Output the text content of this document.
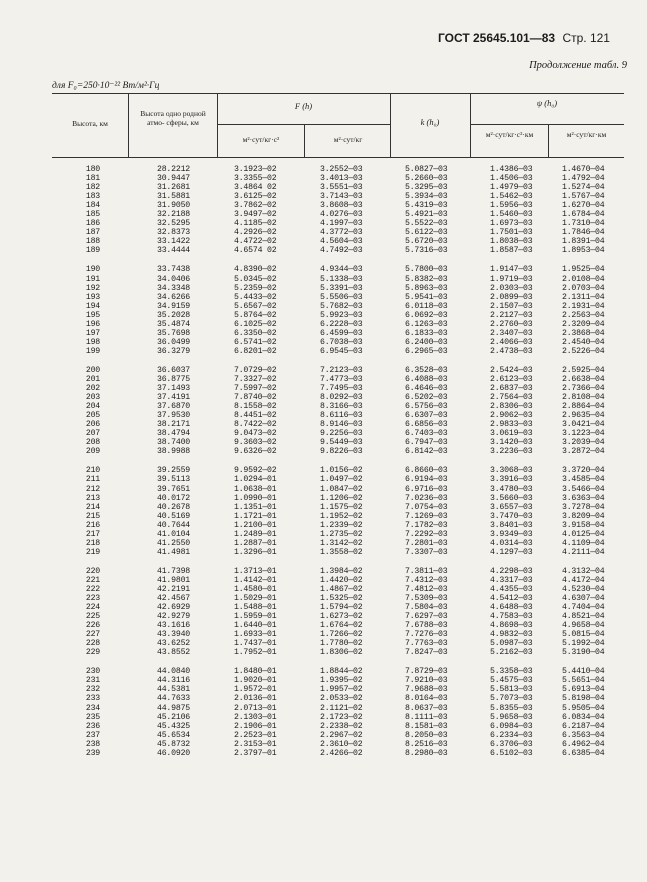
ГОСТ 25645.101—83 Стр. 121
Продолжение табл. 9
для F₀=250·10⁻²² Вт/м²·Гц
Высота, км
Высота одно родной атмо- сферы, км
F (h)
м²·сут/кг·с²	м²·сут/кг
k (h₀)
ψ (h₀)
м²·сут/кг·с²·км	м²·сут/кг·км
180	28.2212	3.1923—02	3.2552—03	5.0827—03	1.4386—03	1.4670—04
181	30.9447	3.3355—02	3.4013—03	5.2660—03	1.4506—03	1.4792—04
182	31.2681	3.4864 02	3.5551—03	5.3295—03	1.4979—03	1.5274—04
183	31.5881	3.6125—02	3.7143—03	5.3934—03	1.5462—03	1.5767—04
184	31.9050	3.7862—02	3.8608—03	5.4319—03	1.5956—03	1.6270—04
185	32.2188	3.9497—02	4.0276—03	5.4921—03	1.5460—03	1.6784—04
186	32.5295	4.1185—02	4.1997—03	5.5522—03	1.6973—03	1.7310—04
187	32.8373	4.2926—02	4.3772—03	5.6122—03	1.7501—03	1.7846—04
188	33.1422	4.4722—02	4.5604—03	5.6720—03	1.8038—03	1.8391—04
189	33.4444	4.6574 02	4.7492—03	5.7316—03	1.8587—03	1.8953—04
190	33.7438	4.8390—02	4.9344—03	5.7800—03	1.9147—03	1.9525—04
191	34.0406	5.0345—02	5.1338—03	5.8382—03	1.9719—03	2.0108—04
192	34.3348	5.2359—02	5.3391—03	5.8963—03	2.0303—03	2.0703—04
193	34.6266	5.4433—02	5.5506—03	5.9541—03	2.0899—03	2.1311—04
194	34.9159	5.6567—02	5.7682—03	6.0118—03	2.1507—03	2.1931—04
195	35.2028	5.8764—02	5.9923—03	6.0692—03	2.2127—03	2.2563—04
196	35.4874	6.1025—02	6.2228—03	6.1263—03	2.2760—03	2.3209—04
197	35.7698	6.3350—02	6.4599—03	6.1833—03	2.3407—03	2.3868—04
198	36.0499	6.5741—02	6.7038—03	6.2400—03	2.4066—03	2.4540—04
199	36.3279	6.8201—02	6.9545—03	6.2965—03	2.4738—03	2.5226—04
200	36.6037	7.0729—02	7.2123—03	6.3528—03	2.5424—03	2.5925—04
201	36.8775	7.3327—02	7.4773—03	6.4088—03	2.6123—03	2.6638—04
202	37.1493	7.5997—02	7.7495—03	6.4646—03	2.6837—03	2.7366—04
203	37.4191	7.8740—02	8.0292—03	6.5202—03	2.7564—03	2.8108—04
204	37.6870	8.1558—02	8.3166—03	6.5756—03	2.8306—03	2.8864—04
205	37.9530	8.4451—02	8.6116—03	6.6307—03	2.9062—03	2.9635—04
206	38.2171	8.7422—02	8.9146—03	6.6856—03	2.9833—03	3.0421—04
207	38.4794	9.0473—02	9.2256—03	6.7403—03	3.0619—03	3.1223—04
208	38.7400	9.3603—02	9.5449—03	6.7947—03	3.1420—03	3.2039—04
209	38.9988	9.6326—02	9.8226—03	6.8142—03	3.2236—03	3.2872—04
210	39.2559	9.9592—02	1.0156—02	6.8660—03	3.3068—03	3.3720—04
211	39.5113	1.0294—01	1.0497—02	6.9194—03	3.3916—03	3.4585—04
212	39.7651	1.0638—01	1.0847—02	6.9716—03	3.4780—03	3.5466—04
213	40.0172	1.0990—01	1.1206—02	7.0236—03	3.5660—03	3.6363—04
214	40.2678	1.1351—01	1.1575—02	7.0754—03	3.6557—03	3.7278—04
215	40.5169	1.1721—01	1.1952—02	7.1269—03	3.7470—03	3.8209—04
216	40.7644	1.2100—01	1.2339—02	7.1782—03	3.8401—03	3.9158—04
217	41.0104	1.2489—01	1.2735—02	7.2292—03	3.9349—03	4.0125—04
218	41.2550	1.2887—01	1.3142—02	7.2801—03	4.0314—03	4.1109—04
219	41.4981	1.3296—01	1.3558—02	7.3307—03	4.1297—03	4.2111—04
220	41.7398	1.3713—01	1.3984—02	7.3811—03	4.2298—03	4.3132—04
221	41.9801	1.4142—01	1.4420—02	7.4312—03	4.3317—03	4.4172—04
222	42.2191	1.4580—01	1.4867—02	7.4812—03	4.4355—03	4.5230—04
223	42.4567	1.5029—01	1.5325—02	7.5309—03	4.5412—03	4.6307—04
224	42.6929	1.5488—01	1.5794—02	7.5804—03	4.6488—03	4.7404—04
225	42.9279	1.5959—01	1.6273—02	7.6297—03	4.7583—03	4.8521—04
226	43.1616	1.6440—01	1.6764—02	7.6788—03	4.8698—03	4.9658—04
227	43.3940	1.6933—01	1.7266—02	7.7276—03	4.9832—03	5.0815—04
228	43.6252	1.7437—01	1.7780—02	7.7763—03	5.0987—03	5.1992—04
229	43.8552	1.7952—01	1.8306—02	7.8247—03	5.2162—03	5.3190—04
230	44.0840	1.8480—01	1.8844—02	7.8729—03	5.3358—03	5.4410—04
231	44.3116	1.9020—01	1.9395—02	7.9210—03	5.4575—03	5.5651—04
232	44.5381	1.9572—01	1.9957—02	7.9688—03	5.5813—03	5.6913—04
233	44.7633	2.0136—01	2.0533—02	8.0164—03	5.7073—03	5.8198—04
234	44.9875	2.0713—01	2.1121—02	8.0637—03	5.8355—03	5.9505—04
235	45.2106	2.1303—01	2.1723—02	8.1111—03	5.9658—03	6.0834—04
236	45.4325	2.1906—01	2.2338—02	8.1581—03	6.0984—03	6.2187—04
237	45.6534	2.2523—01	2.2967—02	8.2050—03	6.2334—03	6.3563—04
238	45.8732	2.3153—01	2.3610—02	8.2516—03	6.3706—03	6.4962—04
239	46.0920	2.3797—01	2.4266—02	8.2980—03	6.5102—03	6.6385—04
